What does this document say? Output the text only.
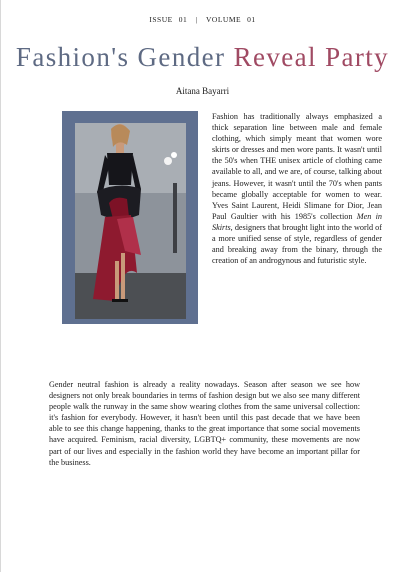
ISSUE 01 | VOLUME 01
Fashion's Gender Reveal Party
Aitana Bayarri

Fashion has traditionally always emphasized a thick separation line between male and female clothing, which simply meant that women wore skirts or dresses and men wore pants. It wasn't until the 50's when THE unisex article of clothing came available to all, and we are, of course, talking about jeans. However, it wasn't until the 70's when pants became globally acceptable for women to wear. Yves Saint Laurent, Heidi Slimane for Dior, Jean Paul Gaultier with his 1985's collection Men in Skirts, designers that brought light into the world of a more unified sense of style, regardless of gender and breaking away from the binary, through the creation of an androgynous and futuristic style.

Gender neutral fashion is already a reality nowadays. Season after season we see how designers not only break boundaries in terms of fashion design but we also see many different people walk the runway in the same show wearing clothes from the same universal collection: it's fashion for everybody. However, it hasn't been until this past decade that we have been able to see this change happening, thanks to the great importance that some social movements have acquired. Feminism, racial diversity, LGBTQ+ community, these movements are now part of our lives and especially in the fashion world they have become an important pillar for the business.
